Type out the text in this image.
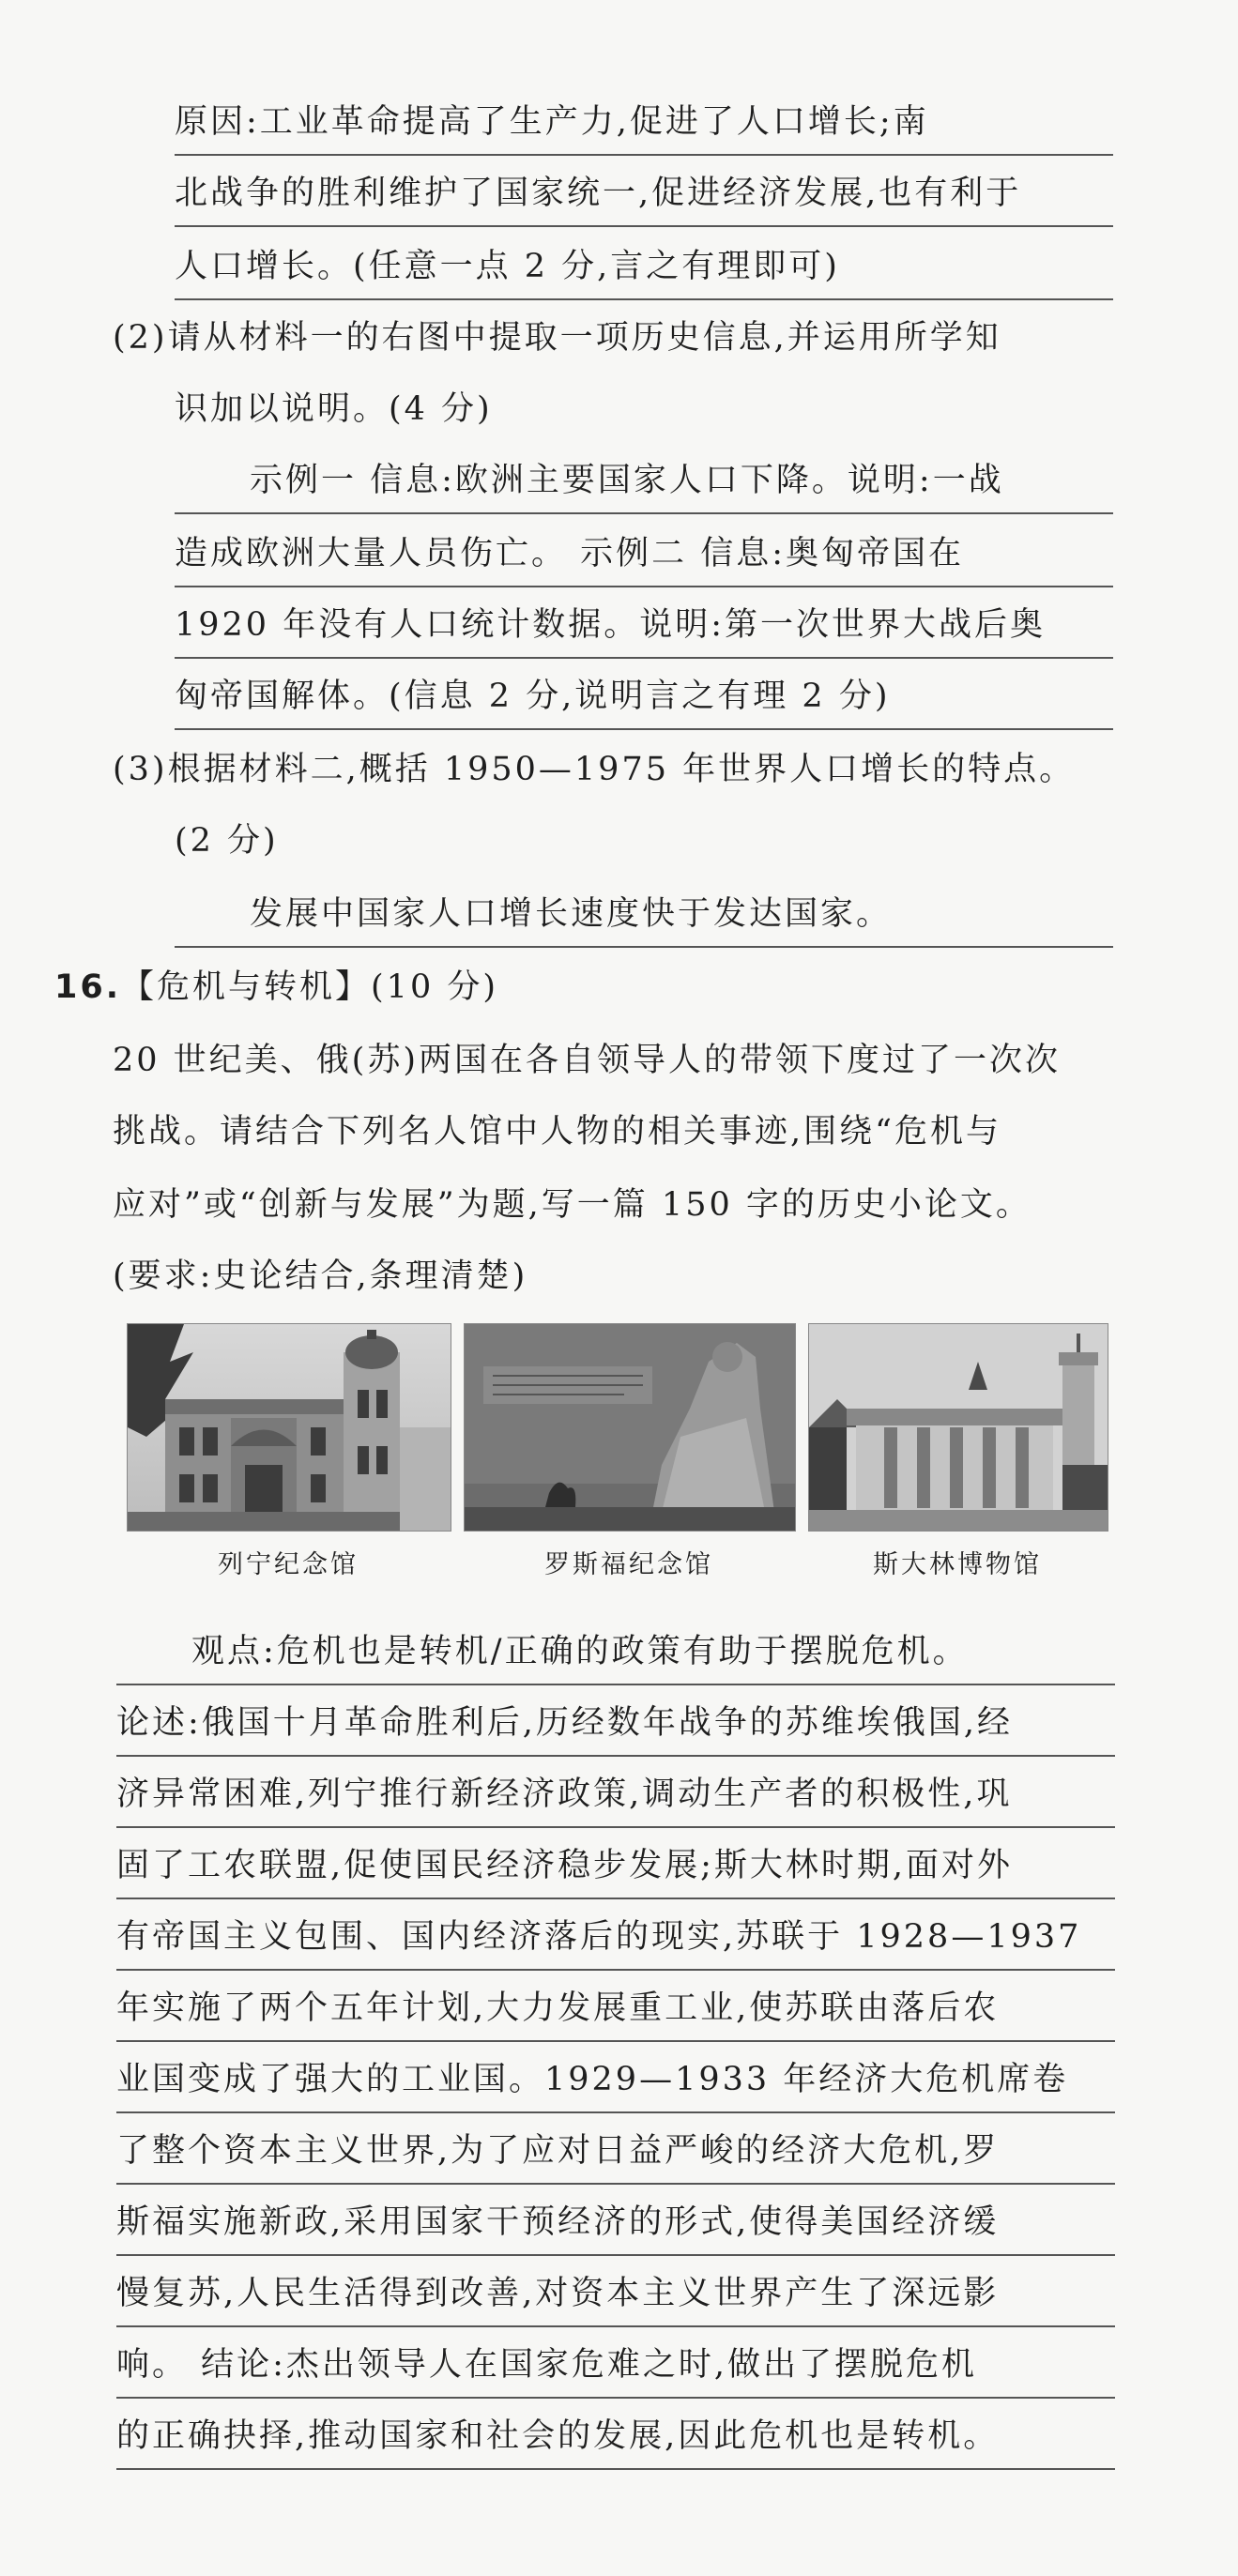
原因:工业革命提高了生产力,促进了人口增长;南
北战争的胜利维护了国家统一,促进经济发展,也有利于
人口增长。(任意一点 2 分,言之有理即可)
(2)请从材料一的右图中提取一项历史信息,并运用所学知
识加以说明。(4 分)
示例一 信息:欧洲主要国家人口下降。说明:一战
造成欧洲大量人员伤亡。 示例二 信息:奥匈帝国在
1920 年没有人口统计数据。说明:第一次世界大战后奥
匈帝国解体。(信息 2 分,说明言之有理 2 分)
(3)根据材料二,概括 1950—1975 年世界人口增长的特点。
(2 分)
发展中国家人口增长速度快于发达国家。
16.【危机与转机】(10 分)
20 世纪美、俄(苏)两国在各自领导人的带领下度过了一次次
挑战。请结合下列名人馆中人物的相关事迹,围绕“危机与
应对”或“创新与发展”为题,写一篇 150 字的历史小论文。
(要求:史论结合,条理清楚)
列宁纪念馆	罗斯福纪念馆	斯大林博物馆
观点:危机也是转机/正确的政策有助于摆脱危机。
论述:俄国十月革命胜利后,历经数年战争的苏维埃俄国,经
济异常困难,列宁推行新经济政策,调动生产者的积极性,巩
固了工农联盟,促使国民经济稳步发展;斯大林时期,面对外
有帝国主义包围、国内经济落后的现实,苏联于 1928—1937
年实施了两个五年计划,大力发展重工业,使苏联由落后农
业国变成了强大的工业国。1929—1933 年经济大危机席卷
了整个资本主义世界,为了应对日益严峻的经济大危机,罗
斯福实施新政,采用国家干预经济的形式,使得美国经济缓
慢复苏,人民生活得到改善,对资本主义世界产生了深远影
响。 结论:杰出领导人在国家危难之时,做出了摆脱危机
的正确抉择,推动国家和社会的发展,因此危机也是转机。
